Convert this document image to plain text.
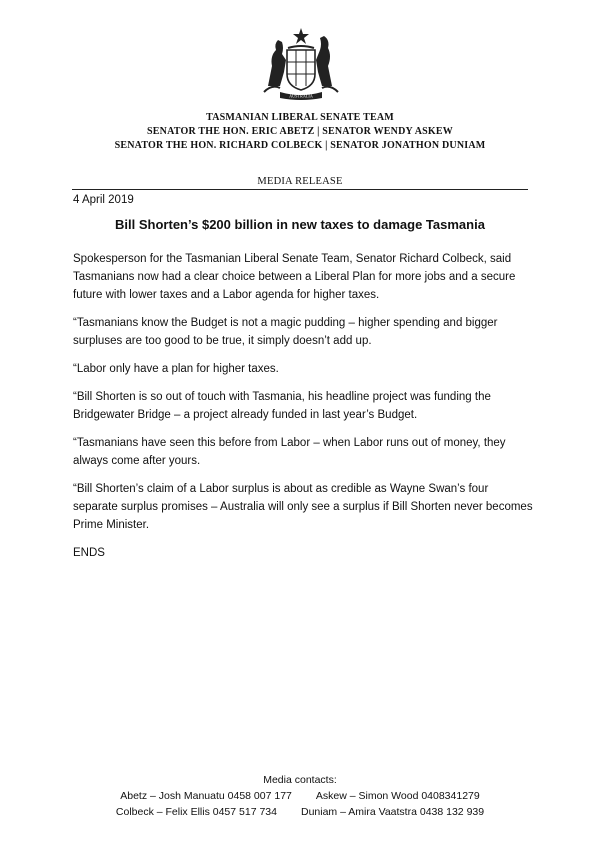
AUSTRALIA
TASMANIAN LIBERAL SENATE TEAM
SENATOR THE HON. ERIC ABETZ | SENATOR WENDY ASKEW
SENATOR THE HON. RICHARD COLBECK | SENATOR JONATHON DUNIAM
MEDIA RELEASE
4 April 2019
Bill Shorten’s $200 billion in new taxes to damage Tasmania

Spokesperson for the Tasmanian Liberal Senate Team, Senator Richard Colbeck, said Tasmanians now had a clear choice between a Liberal Plan for more jobs and a secure future with lower taxes and a Labor agenda for higher taxes.

“Tasmanians know the Budget is not a magic pudding – higher spending and bigger surpluses are too good to be true, it simply doesn’t add up.

“Labor only have a plan for higher taxes.

“Bill Shorten is so out of touch with Tasmania, his headline project was funding the Bridgewater Bridge – a project already funded in last year’s Budget.

“Tasmanians have seen this before from Labor – when Labor runs out of money, they always come after yours.

“Bill Shorten’s claim of a Labor surplus is about as credible as Wayne Swan’s four separate surplus promises – Australia will only see a surplus if Bill Shorten never becomes Prime Minister.

ENDS

Media contacts:
Abetz – Josh Manuatu 0458 007 177 Askew – Simon Wood 0408341279
Colbeck – Felix Ellis 0457 517 734 Duniam – Amira Vaatstra 0438 132 939
